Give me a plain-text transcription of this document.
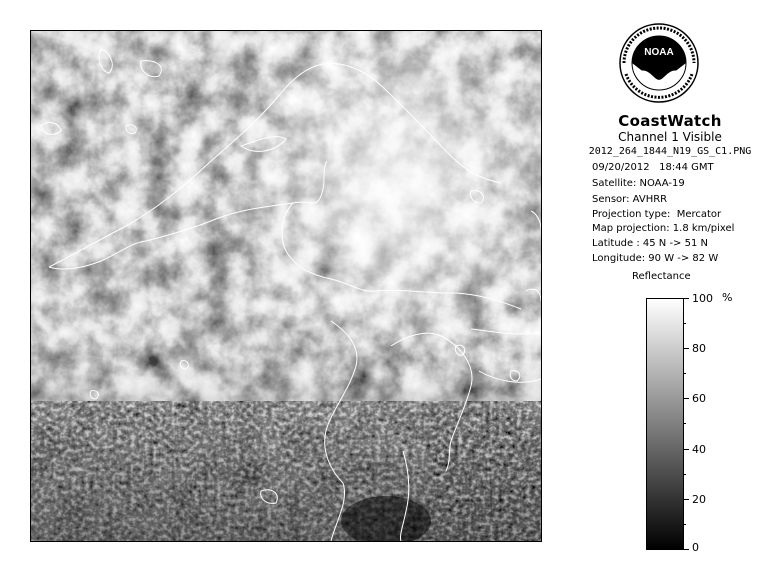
NOAA
CoastWatch
Channel 1 Visible
2012_264_1844_N19_GS_C1.PNG
09/20/2012   18:44 GMT
Satellite: NOAA-19
Sensor: AVHRR
Projection type:  Mercator
Map projection: 1.8 km/pixel
Latitude : 45 N -> 51 N
Longitude: 90 W -> 82 W
Reflectance
%
100
80
60
40
20
0
